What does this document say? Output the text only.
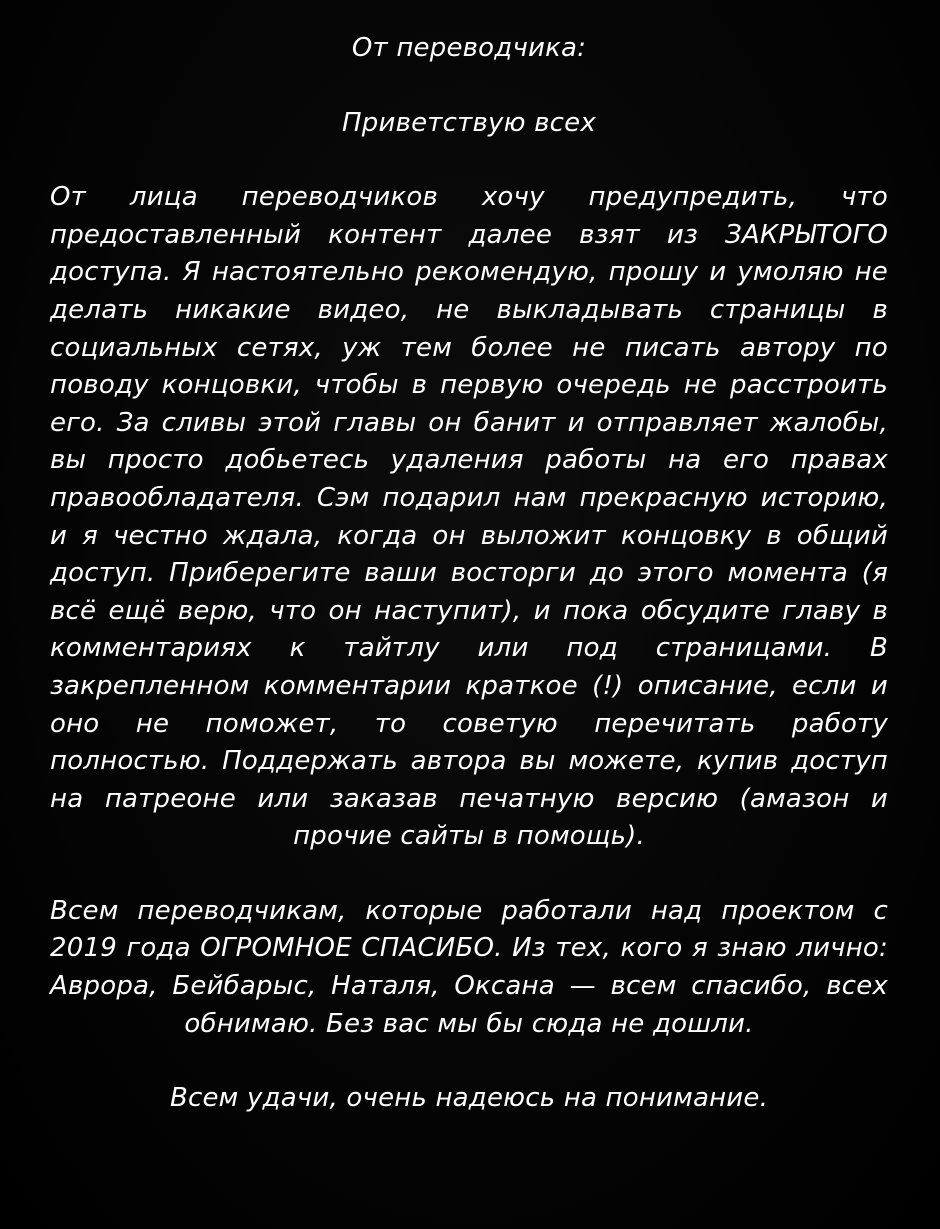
От переводчика:

Приветствую всех

От лица переводчиков хочу предупредить, что предоставленный контент далее взят из ЗАКРЫТОГО доступа. Я настоятельно рекомендую, прошу и умоляю не делать никакие видео, не выкладывать страницы в социальных сетях, уж тем более не писать автору по поводу концовки, чтобы в первую очередь не расстроить его. За сливы этой главы он банит и отправляет жалобы, вы просто добьетесь удаления работы на его правах правообладателя. Сэм подарил нам прекрасную историю, и я честно ждала, когда он выложит концовку в общий доступ. Приберегите ваши восторги до этого момента (я всё ещё верю, что он наступит), и пока обсудите главу в комментариях к тайтлу или под страницами. В закрепленном комментарии краткое (!) описание, если и оно не поможет, то советую перечитать работу полностью. Поддержать автора вы можете, купив доступ на патреоне или заказав печатную версию (амазон и прочие сайты в помощь).

Всем переводчикам, которые работали над проектом с 2019 года ОГРОМНОЕ СПАСИБО. Из тех, кого я знаю лично: Аврора, Бейбарыс, Наталя, Оксана — всем спасибо, всех обнимаю. Без вас мы бы сюда не дошли.

Всем удачи, очень надеюсь на понимание.
